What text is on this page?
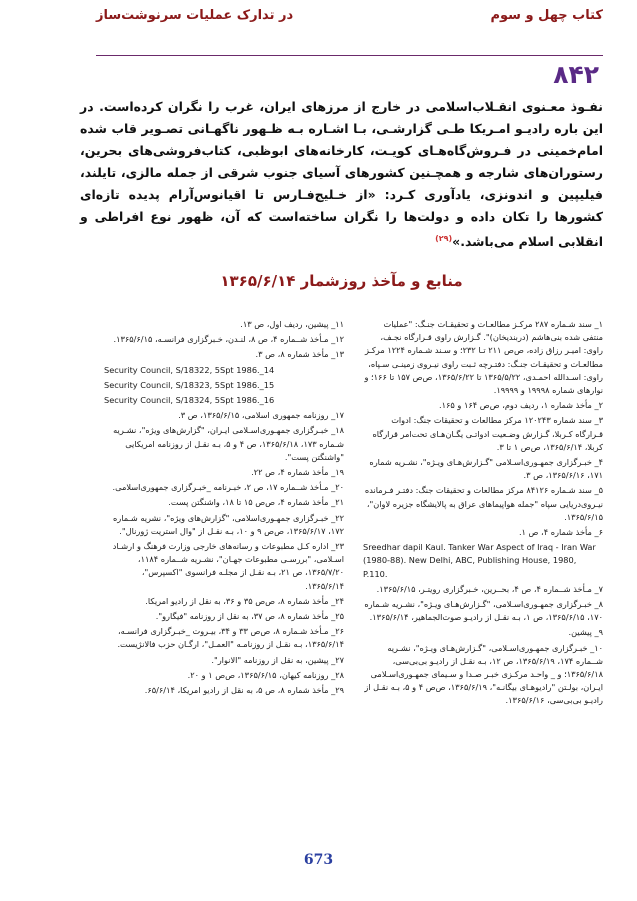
کتاب چهل و سوم
در تدارک عملیات سرنوشت‌ساز
۸۴۲
نفـوذ معـنوی انقـلاب‌اسلامی در خارج از مرزهای ایران، غرب را نگران کرده‌است. در این باره رادیـو امـریکا طـی گزارشـی، بـا اشـاره بـه ظـهور ناگهـانی تصـویر قاب شده امام‌خمینی در فـروش‌گاه‌هـای کویـت، کارخانه‌های ابوظبی، کتاب‌فروشی‌های بحرین، رستوران‌های شارجه و همچـنین کشورهای آسیای جنوب شرقی از جمله مالزی، تایلند، فیلیپین و اندونزی، یادآوری کـرد: «از خـلیج‌فـارس تا اقیانوس‌آرام پدیده تازه‌ای کشورها را تکان داده و دولت‌ها را نگران ساخته‌است که آن، ظهور نوع افراطی و انقلابی اسلام می‌باشد.»$^{(۲۹)}$
منابع و مآخذ روزشمار ۱۳۶۵/۶/۱۴

۱_ سند شـماره ۲۸۷ مرکـز مطالعـات و تحقیقـات جنـگ: "عملیات منتفی شده بنی‌هاشم (دربندیخان)". گـزارش راوی قـرارگاه نجـف، راوی: امیـر رزاق زاده، ص‌ص ۲۱۱ تـا ۲۳۲؛ و سـند شـماره ۱۲۲۴ مرکـز مطالعـات و تحقیقـات جنـگ: دفتـرچه ثـبت راوی نیـروی زمینـی سـپاه، راوی: اسـدالله احمـدی، ۱۳۶۵/۵/۲۲ تا ۱۳۶۵/۶/۲۲، ص‌ص ۱۵۷ تا ۱۶۶؛ و نوارهای شماره ۱۹۹۹۸ و ۱۹۹۹۹.

۲_ مأخذ شماره ۱، ردیف دوم، ص‌ص ۱۶۴ و ۱۶۵.

۳_ سند شماره ۱۲۰۲۴۳ مرکز مطالعات و تحقیقات جنگ: ادوات قـرارگاه کـربلا، گـزارش وضـعیت ادواتـی یگـان‌هـای تحت‌امر قرارگاه کربلا، ۱۳۶۵/۶/۱۴، ص‌ص ۱ تا ۳.

۴_ خبـرگزاری جمهـوری‌اسـلامی "گـزارش‌هـای ویـژه"، نشـریه شماره ۱۷۱، ۱۳۶۵/۶/۱۶، ص ۳.

۵_ سند شـماره ۸۴۱۲۶ مرکز مطالعات و تحقیقات جنگ: دفتـر فـرمانده نیـروی‌دریایی سپاه "جمله هواپیماهای عراق به پالایشگاه جزیره لاوان"، ۱۳۶۵/۶/۱۵.

۶_ مأخذ شماره ۴، ص ۱.

Sreedhar dapil Kaul. Tanker War Aspect of Iraq - Iran War (1980-88). New Delhi, ABC, Publishing House, 1980, P.110.

۷_ مـأخذ شــماره ۴، ص ۴، بحــرین، خـبرگزاری رویتـر، ۱۳۶۵/۶/۱۵.

۸_ خبـرگزاری جمهـوری‌اسـلامی، "گـزارش‌هـای ویـژه"، نشـریه شـماره ۱۷۰، ۱۳۶۵/۶/۱۵، ص ۱، بـه نقـل از رادیـو صوت‌الجماهیر، ۱۳۶۵/۶/۱۴.

۹_ پیشین.

۱۰_ خبـرگزاری جمهـوری‌اسـلامی، "گـزارش‌هـای ویـژه"، نشـریه شــماره ۱۷۴، ۱۳۶۵/۶/۱۹، ص ۱۲، بـه نقـل از رادیـو بی‌بی‌سی، ۱۳۶۵/۶/۱۸؛ و _ واحـد مرکـزی خبـر صـدا و سـیمای جمهـوری‌اسـلامی ایـران، بولـتن "رادیوهـای بیگانـه"، ۱۳۶۵/۶/۱۹، ص‌ص ۴ و ۵، بـه نقـل از رادیـو بی‌بی‌سی، ۱۳۶۵/۶/۱۶.

۱۱_ پیشین، ردیف اول، ص ۱۳.

۱۲_ مـأخذ شــماره ۴، ص ۸، لنـدن، خـبرگزاری فرانسـه، ۱۳۶۵/۶/۱۵.

۱۳_ مأخذ شماره ۸، ص ۳.

Security Council, S/18322, 5Spt 1986._14

Security Council, S/18323, 5Spt 1986._15

Security Council, S/18324, 5Spt 1986._16

۱۷_ روزنامه جمهوری اسلامی، ۱۳۶۵/۶/۱۵، ص ۳.

۱۸_ خبـرگزاری جمهـوری‌اسـلامی ایـران، "گزارش‌های ویژه"، نشـریه شـماره ۱۷۳، ۱۳۶۵/۶/۱۸، ص ۴ و ۵، بـه نقـل از روزنامه امریکایی "واشنگتن پست".

۱۹_ مأخذ شماره ۴، ص ۲۲.

۲۰_ مـأخذ شــماره ۱۷، ص ۲، خبـرنامه _خبـرگزاری جمهوری‌اسلامی.

۲۱_ مأخذ شماره ۴، ص‌ص ۱۵ تا ۱۸، واشنگتن پست.

۲۲_ خبـرگزاری جمهـوری‌اسلامی، "گزارش‌های ویژه"، نشریه شـماره ۱۷۲، ۱۳۶۵/۶/۱۷، ص‌ص ۹ و ۱۰، بـه نقـل از "وال استریت ژورنال".

۲۳_ اداره کـل مطبوعات و رسانه‌های خارجی وزارت فرهنگ و ارشـاد اسـلامی، "بررسـی مطبوعات جهـان"، نشـریه شــماره ۱۱۸۴، ۱۳۶۵/۷/۲۰، ص ۲۱، بـه نقـل از مجلـه فرانسوی "اکسپرس"، ۱۳۶۵/۶/۱۴.

۲۴_ مأخذ شماره ۸، ص‌ص ۳۵ و ۳۶، به نقل از رادیو امریکا.

۲۵_ مأخذ شماره ۸، ص ۳۷، به نقل از روزنامه "فیگارو".

۲۶_ مـأخذ شـماره ۸، ص‌ص ۳۳ و ۳۴، بیـروت _خبـرگزاری فرانسـه، ۱۳۶۵/۶/۱۴، بـه نقـل از روزنامـه "العمـل"، ارگـان حزب فالانژیست.

۲۷_ پیشین، به نقل از روزنامه "الانوار".

۲۸_ روزنامه کیهان، ۱۳۶۵/۶/۱۵، ص‌ص ۱ و ۲۰.

۲۹_ مأخذ شماره ۸، ص ۵، به نقل از رادیو امریکا، ۶۵/۶/۱۴.

673
